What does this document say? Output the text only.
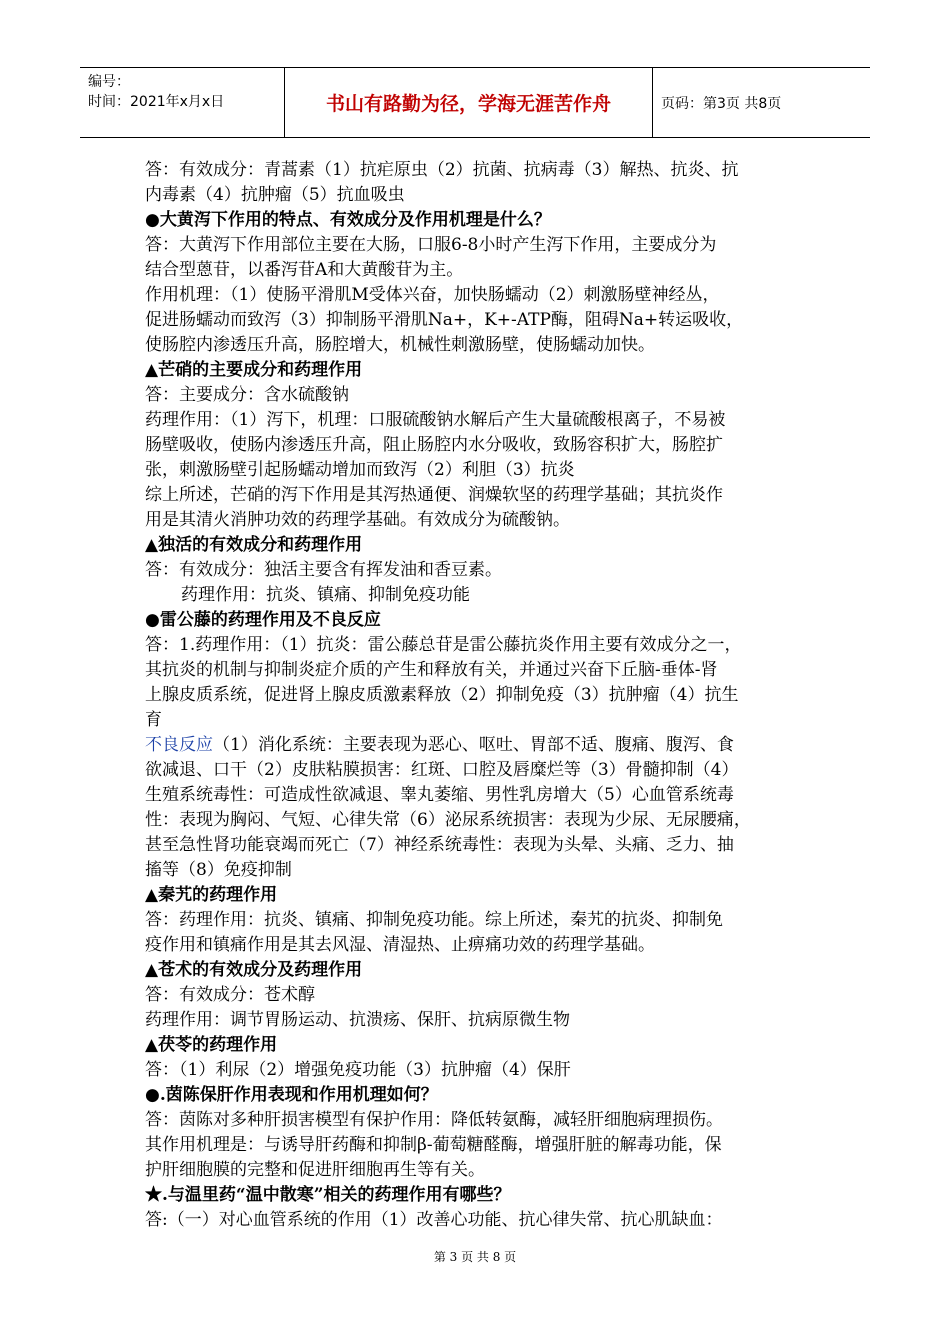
编号：
时间：2021年x月x日	书山有路勤为径，学海无涯苦作舟	页码：第3页 共8页
答：有效成分：青蒿素（1）抗疟原虫（2）抗菌、抗病毒（3）解热、抗炎、抗
内毒素（4）抗肿瘤（5）抗血吸虫
●大黄泻下作用的特点、有效成分及作用机理是什么？
答：大黄泻下作用部位主要在大肠，口服6-8小时产生泻下作用，主要成分为
结合型蒽苷，以番泻苷A和大黄酸苷为主。
作用机理：（1）使肠平滑肌M受体兴奋，加快肠蠕动（2）刺激肠壁神经丛，
促进肠蠕动而致泻（3）抑制肠平滑肌Na+，K+-ATP酶，阻碍Na+转运吸收，
使肠腔内渗透压升高，肠腔增大，机械性刺激肠壁，使肠蠕动加快。
▲芒硝的主要成分和药理作用
答：主要成分：含水硫酸钠
药理作用：（1）泻下，机理：口服硫酸钠水解后产生大量硫酸根离子，不易被
肠壁吸收，使肠内渗透压升高，阻止肠腔内水分吸收，致肠容积扩大，肠腔扩
张，刺激肠壁引起肠蠕动增加而致泻（2）利胆（3）抗炎
综上所述，芒硝的泻下作用是其泻热通便、润燥软坚的药理学基础；其抗炎作
用是其清火消肿功效的药理学基础。有效成分为硫酸钠。
▲独活的有效成分和药理作用
答：有效成分：独活主要含有挥发油和香豆素。
药理作用：抗炎、镇痛、抑制免疫功能
●雷公藤的药理作用及不良反应
答：1.药理作用：（1）抗炎：雷公藤总苷是雷公藤抗炎作用主要有效成分之一，
其抗炎的机制与抑制炎症介质的产生和释放有关，并通过兴奋下丘脑-垂体-肾
上腺皮质系统，促进肾上腺皮质激素释放（2）抑制免疫（3）抗肿瘤（4）抗生
育
不良反应（1）消化系统：主要表现为恶心、呕吐、胃部不适、腹痛、腹泻、食
欲减退、口干（2）皮肤粘膜损害：红斑、口腔及唇糜烂等（3）骨髓抑制（4）
生殖系统毒性：可造成性欲减退、睾丸萎缩、男性乳房增大（5）心血管系统毒
性：表现为胸闷、气短、心律失常（6）泌尿系统损害：表现为少尿、无尿腰痛，
甚至急性肾功能衰竭而死亡（7）神经系统毒性：表现为头晕、头痛、乏力、抽
搐等（8）免疫抑制
▲秦艽的药理作用
答：药理作用：抗炎、镇痛、抑制免疫功能。综上所述，秦艽的抗炎、抑制免
疫作用和镇痛作用是其去风湿、清湿热、止痹痛功效的药理学基础。
▲苍术的有效成分及药理作用
答：有效成分：苍术醇
药理作用：调节胃肠运动、抗溃疡、保肝、抗病原微生物
▲茯苓的药理作用
答：（1）利尿（2）增强免疫功能（3）抗肿瘤（4）保肝
●.茵陈保肝作用表现和作用机理如何？
答：茵陈对多种肝损害模型有保护作用：降低转氨酶，减轻肝细胞病理损伤。
其作用机理是：与诱导肝药酶和抑制β-葡萄糖醛酶，增强肝脏的解毒功能，保
护肝细胞膜的完整和促进肝细胞再生等有关。
★.与温里药“温中散寒”相关的药理作用有哪些？
答:（一）对心血管系统的作用（1）改善心功能、抗心律失常、抗心肌缺血：
第 3 页 共 8 页
